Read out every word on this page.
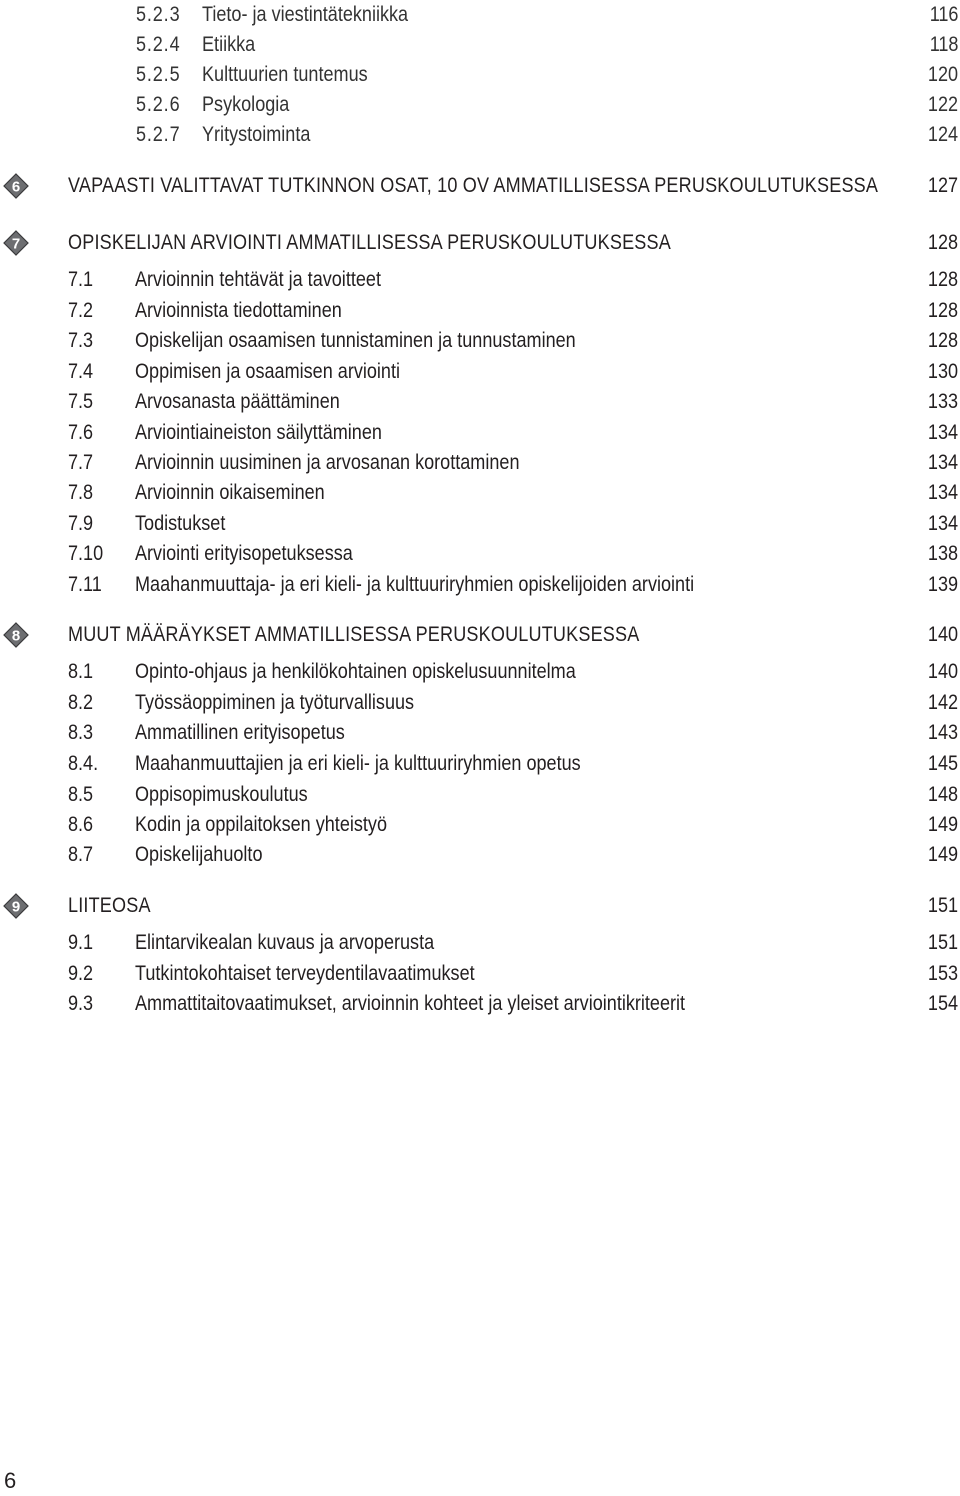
5.2.3 Tieto- ja viestintätekniikka	116
5.2.4 Etiikka	118
5.2.5 Kulttuurien tuntemus	120
5.2.6 Psykologia	122
5.2.7 Yritystoiminta	124
6 VAPAASTI VALITTAVAT TUTKINNON OSAT, 10 OV AMMATILLISESSA PERUSKOULUTUKSESSA 127
7 OPISKELIJAN ARVIOINTI AMMATILLISESSA PERUSKOULUTUKSESSA	128
7.1 Arvioinnin tehtävät ja tavoitteet	128
7.2 Arvioinnista tiedottaminen	128
7.3 Opiskelijan osaamisen tunnistaminen ja tunnustaminen	128
7.4 Oppimisen ja osaamisen arviointi	130
7.5 Arvosanasta päättäminen	133
7.6 Arviointiaineiston säilyttäminen	134
7.7 Arvioinnin uusiminen ja arvosanan korottaminen	134
7.8 Arvioinnin oikaiseminen	134
7.9 Todistukset	134
7.10 Arviointi erityisopetuksessa	138
7.11 Maahanmuuttaja- ja eri kieli- ja kulttuuriryhmien opiskelijoiden arviointi	139
8 MUUT MÄÄRÄYKSET AMMATILLISESSA PERUSKOULUTUKSESSA	140
8.1 Opinto-ohjaus ja henkilökohtainen opiskelusuunnitelma	140
8.2 Työssäoppiminen ja työturvallisuus	142
8.3 Ammatillinen erityisopetus	143
8.4. Maahanmuuttajien ja eri kieli- ja kulttuuriryhmien opetus	145
8.5 Oppisopimuskoulutus	148
8.6 Kodin ja oppilaitoksen yhteistyö	149
8.7 Opiskelijahuolto	149
9 LIITEOSA	151
9.1 Elintarvikealan kuvaus ja arvoperusta	151
9.2 Tutkintokohtaiset terveydentilavaatimukset	153
9.3 Ammattitaitovaatimukset, arvioinnin kohteet ja yleiset arviointikriteerit	154
6
